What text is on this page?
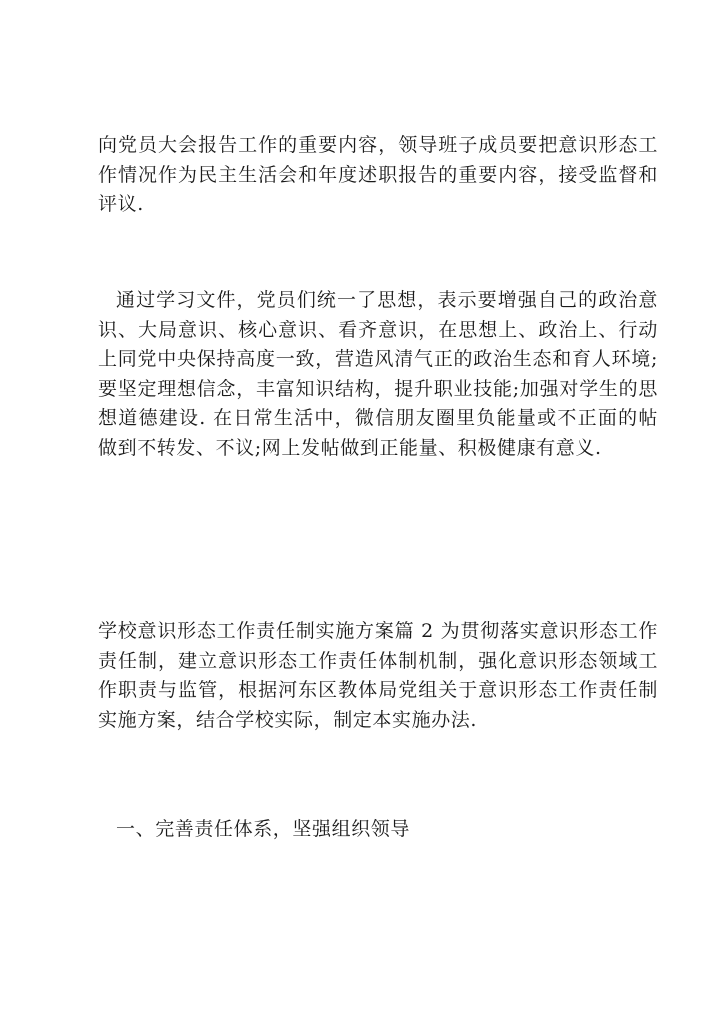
向党员大会报告工作的重要内容，领导班子成员要把意识形态工作情况作为民主生活会和年度述职报告的重要内容，接受监督和评议.

通过学习文件，党员们统一了思想，表示要增强自己的政治意识、大局意识、核心意识、看齐意识，在思想上、政治上、行动上同党中央保持高度一致，营造风清气正的政治生态和育人环境;要坚定理想信念，丰富知识结构，提升职业技能;加强对学生的思想道德建设. 在日常生活中，微信朋友圈里负能量或不正面的帖做到不转发、不议;网上发帖做到正能量、积极健康有意义.

学校意识形态工作责任制实施方案篇 2 为贯彻落实意识形态工作责任制，建立意识形态工作责任体制机制，强化意识形态领域工作职责与监管，根据河东区教体局党组关于意识形态工作责任制实施方案，结合学校实际，制定本实施办法.

一、完善责任体系，坚强组织领导
